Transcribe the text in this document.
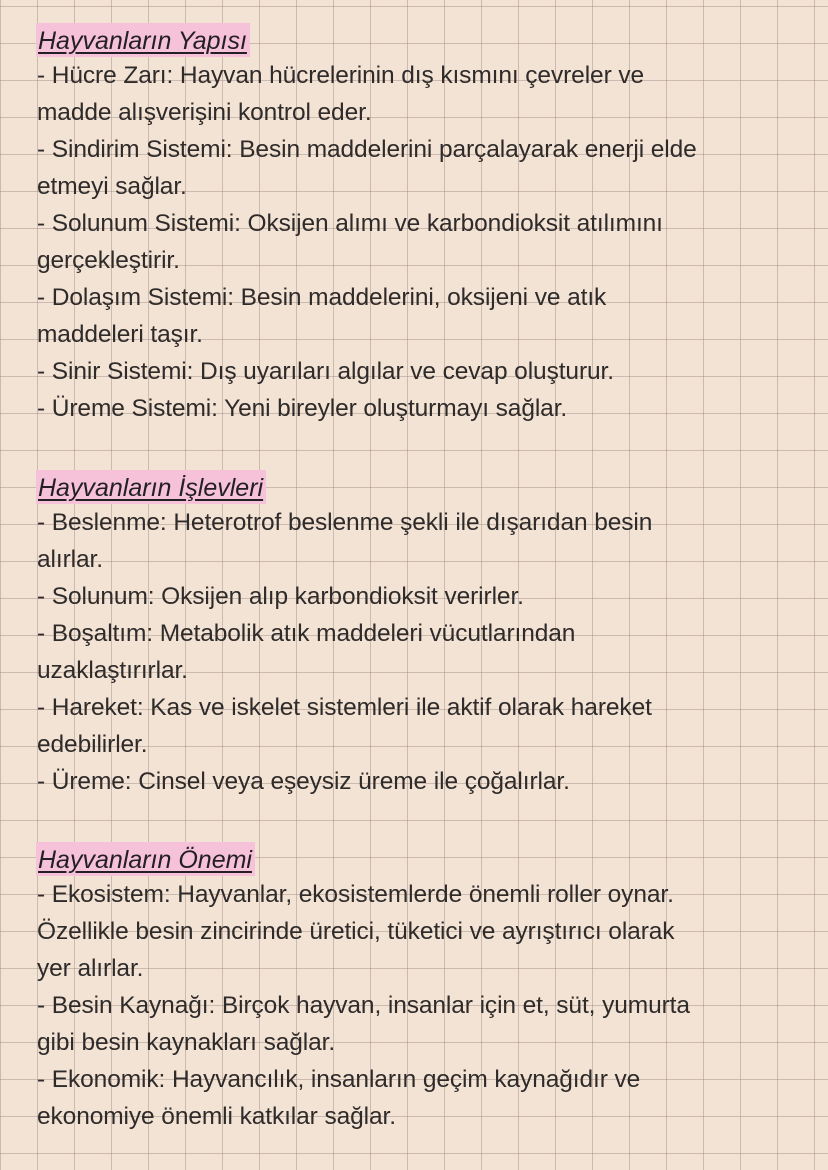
Hayvanların Yapısı
- Hücre Zarı: Hayvan hücrelerinin dış kısmını çevreler ve
madde alışverişini kontrol eder.
- Sindirim Sistemi: Besin maddelerini parçalayarak enerji elde
etmeyi sağlar.
- Solunum Sistemi: Oksijen alımı ve karbondioksit atılımını
gerçekleştirir.
- Dolaşım Sistemi: Besin maddelerini, oksijeni ve atık
maddeleri taşır.
- Sinir Sistemi: Dış uyarıları algılar ve cevap oluşturur.
- Üreme Sistemi: Yeni bireyler oluşturmayı sağlar.
Hayvanların İşlevleri
- Beslenme: Heterotrof beslenme şekli ile dışarıdan besin
alırlar.
- Solunum: Oksijen alıp karbondioksit verirler.
- Boşaltım: Metabolik atık maddeleri vücutlarından
uzaklaştırırlar.
- Hareket: Kas ve iskelet sistemleri ile aktif olarak hareket
edebilirler.
- Üreme: Cinsel veya eşeysiz üreme ile çoğalırlar.
Hayvanların Önemi
- Ekosistem: Hayvanlar, ekosistemlerde önemli roller oynar.
Özellikle besin zincirinde üretici, tüketici ve ayrıştırıcı olarak
yer alırlar.
- Besin Kaynağı: Birçok hayvan, insanlar için et, süt, yumurta
gibi besin kaynakları sağlar.
- Ekonomik: Hayvancılık, insanların geçim kaynağıdır ve
ekonomiye önemli katkılar sağlar.
